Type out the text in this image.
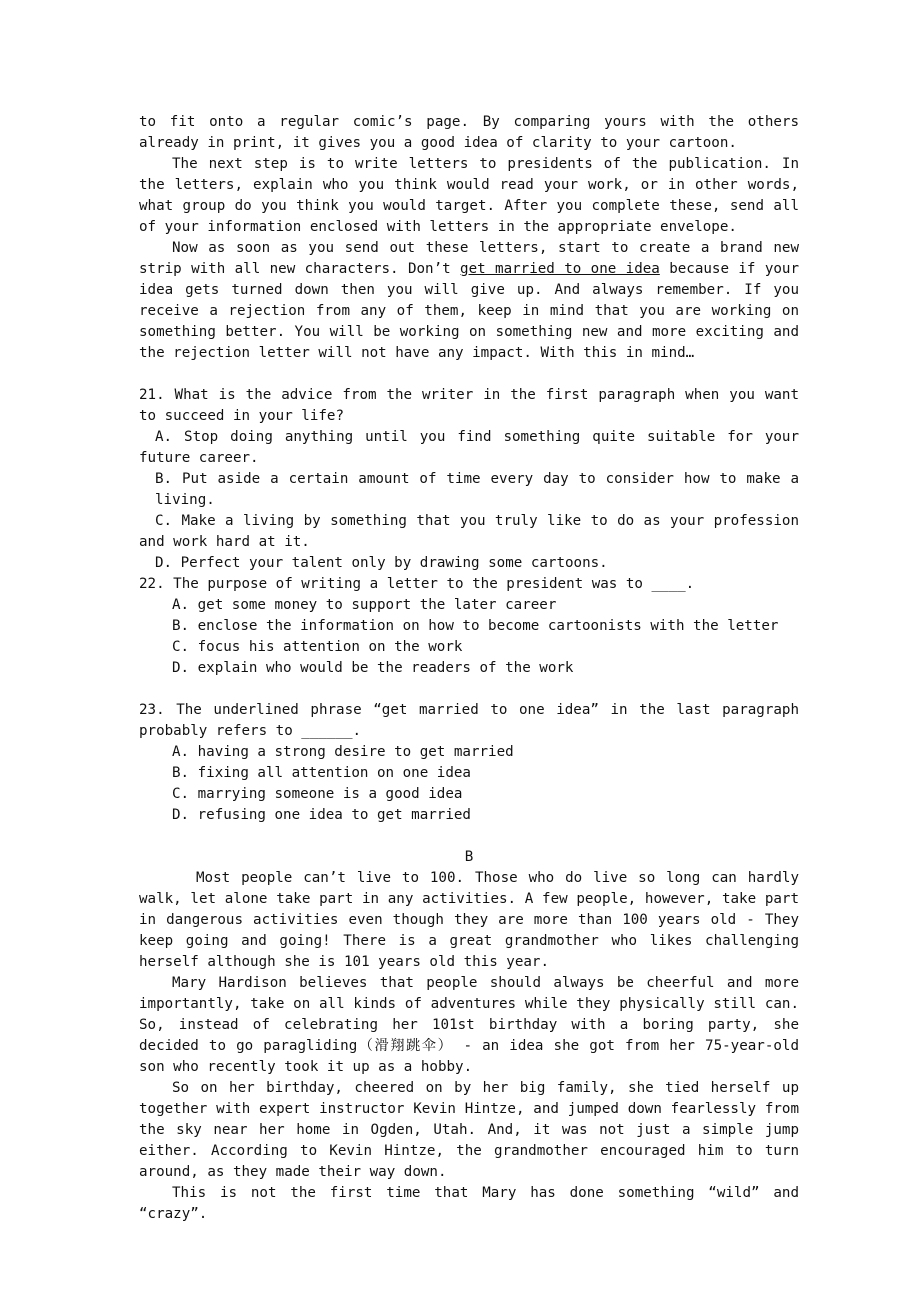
to fit onto a regular comic’s page. By comparing yours with the others already in print, it gives you a good idea of clarity to your cartoon.

The next step is to write letters to presidents of the publication. In the letters, explain who you think would read your work, or in other words, what group do you think you would target. After you complete these, send all of your information enclosed with letters in the appropriate envelope.

Now as soon as you send out these letters, start to create a brand new strip with all new characters. Don’t get married to one idea because if your idea gets turned down then you will give up. And always remember. If you receive a rejection from any of them, keep in mind that you are working on something better. You will be working on something new and more exciting and the rejection letter will not have any impact. With this in mind…

21. What is the advice from the writer in the first paragraph when you want to succeed in your life?

A. Stop doing anything until you find something quite suitable for your future career.

B. Put aside a certain amount of time every day to consider how to make a living.

C. Make a living by something that you truly like to do as your profession and work hard at it.

D. Perfect your talent only by drawing some cartoons.

22. The purpose of writing a letter to the president was to ____.

A. get some money to support the later career

B. enclose the information on how to become cartoonists with the letter

C. focus his attention on the work

D. explain who would be the readers of the work

23. The underlined phrase “get married to one idea” in the last paragraph probably refers to ______.

A. having a strong desire to get married

B. fixing all attention on one idea

C. marrying someone is a good idea

D. refusing one idea to get married

B

Most people can’t live to 100. Those who do live so long can hardly walk, let alone take part in any activities. A few people, however, take part in dangerous activities even though they are more than 100 years old - They keep going and going! There is a great grandmother who likes challenging herself although she is 101 years old this year.

Mary Hardison believes that people should always be cheerful and more importantly, take on all kinds of adventures while they physically still can. So, instead of celebrating her 101st birthday with a boring party, she decided to go paragliding（滑翔跳伞） - an idea she got from her 75-year-old son who recently took it up as a hobby.

So on her birthday, cheered on by her big family, she tied herself up together with expert instructor Kevin Hintze, and jumped down fearlessly from the sky near her home in Ogden, Utah. And, it was not just a simple jump either. According to Kevin Hintze, the grandmother encouraged him to turn around, as they made their way down.

This is not the first time that Mary has done something “wild” and “crazy”.
